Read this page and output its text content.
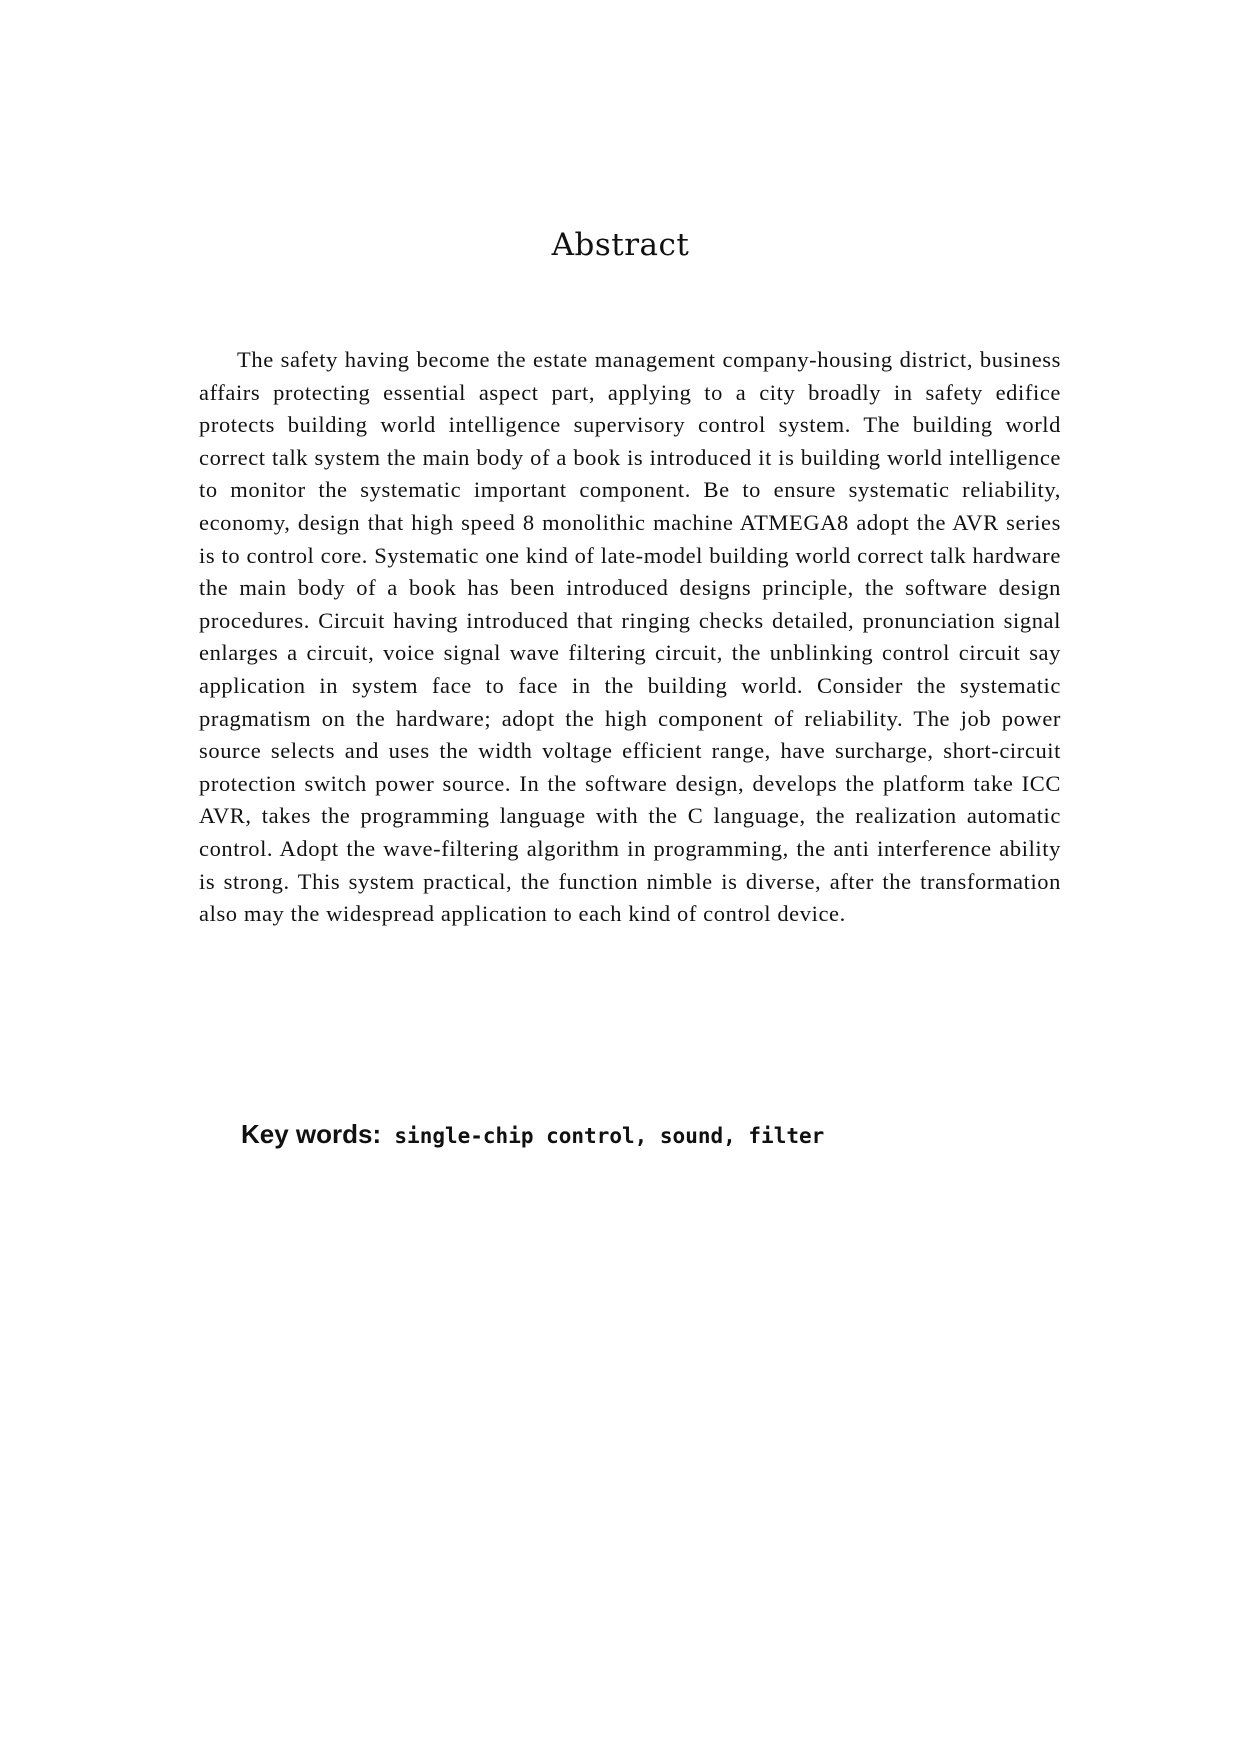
Abstract

The safety having become the estate management company-housing district, business affairs protecting essential aspect part, applying to a city broadly in safety edifice protects building world intelligence supervisory control system. The building world correct talk system the main body of a book is introduced it is building world intelligence to monitor the systematic important component. Be to ensure systematic reliability, economy, design that high speed 8 monolithic machine ATMEGA8 adopt the AVR series is to control core. Systematic one kind of late-model building world correct talk hardware the main body of a book has been introduced designs principle, the software design procedures. Circuit having introduced that ringing checks detailed, pronunciation signal enlarges a circuit, voice signal wave filtering circuit, the unblinking control circuit say application in system face to face in the building world. Consider the systematic pragmatism on the hardware; adopt the high component of reliability. The job power source selects and uses the width voltage efficient range, have surcharge, short-circuit protection switch power source. In the software design, develops the platform take ICC AVR, takes the programming language with the C language, the realization automatic control. Adopt the wave-filtering algorithm in programming, the anti interference ability is strong. This system practical, the function nimble is diverse, after the transformation also may the widespread application to each kind of control device.

Key words: single-chip control, sound, filter
